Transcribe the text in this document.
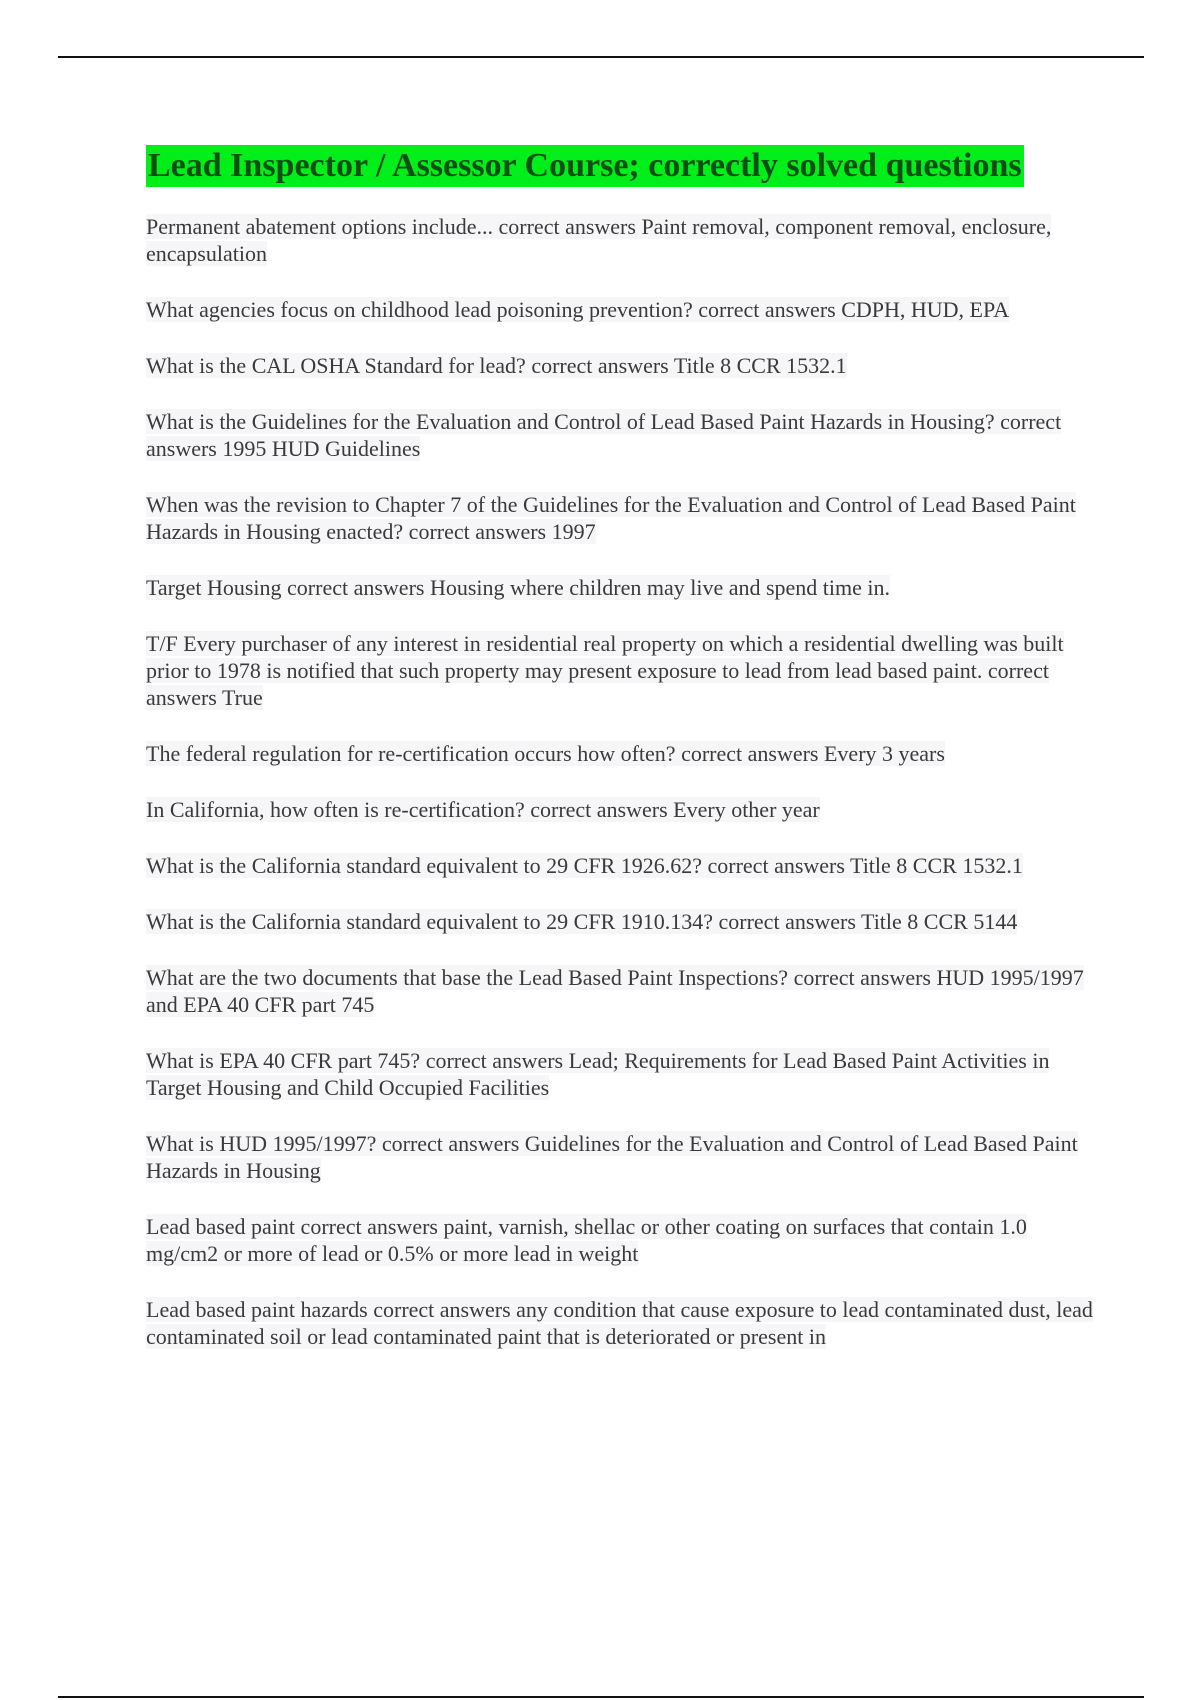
Lead Inspector / Assessor Course; correctly solved questions

Permanent abatement options include... correct answers Paint removal, component removal, enclosure, encapsulation

What agencies focus on childhood lead poisoning prevention? correct answers CDPH, HUD, EPA

What is the CAL OSHA Standard for lead? correct answers Title 8 CCR 1532.1

What is the Guidelines for the Evaluation and Control of Lead Based Paint Hazards in Housing? correct answers 1995 HUD Guidelines

When was the revision to Chapter 7 of the Guidelines for the Evaluation and Control of Lead Based Paint Hazards in Housing enacted? correct answers 1997

Target Housing correct answers Housing where children may live and spend time in.

T/F Every purchaser of any interest in residential real property on which a residential dwelling was built prior to 1978 is notified that such property may present exposure to lead from lead based paint. correct answers True

The federal regulation for re-certification occurs how often? correct answers Every 3 years

In California, how often is re-certification? correct answers Every other year

What is the California standard equivalent to 29 CFR 1926.62? correct answers Title 8 CCR 1532.1

What is the California standard equivalent to 29 CFR 1910.134? correct answers Title 8 CCR 5144

What are the two documents that base the Lead Based Paint Inspections? correct answers HUD 1995/1997 and EPA 40 CFR part 745

What is EPA 40 CFR part 745? correct answers Lead; Requirements for Lead Based Paint Activities in Target Housing and Child Occupied Facilities

What is HUD 1995/1997? correct answers Guidelines for the Evaluation and Control of Lead Based Paint Hazards in Housing

Lead based paint correct answers paint, varnish, shellac or other coating on surfaces that contain 1.0 mg/cm2 or more of lead or 0.5% or more lead in weight

Lead based paint hazards correct answers any condition that cause exposure to lead contaminated dust, lead contaminated soil or lead contaminated paint that is deteriorated or present in
